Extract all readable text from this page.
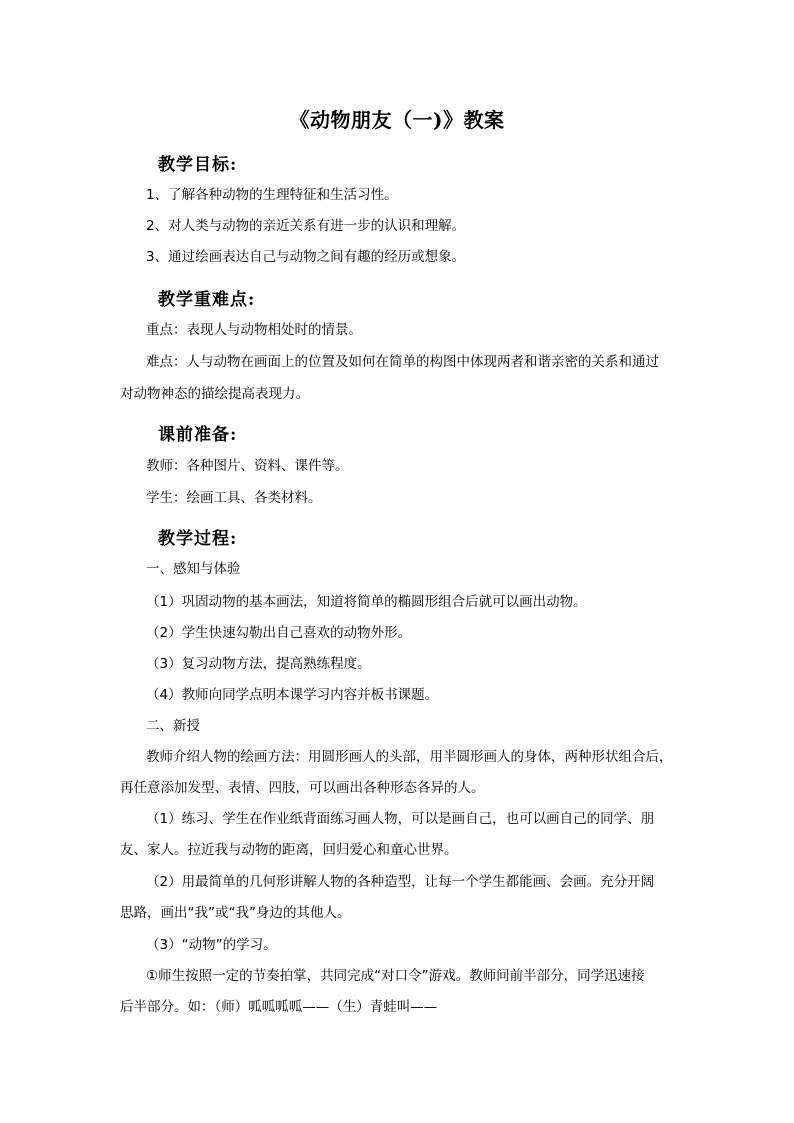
《动物朋友（一)》教案
教学目标:
1、了解各种动物的生理特征和生活习性。
2、对人类与动物的亲近关系有进一步的认识和理解。
3、通过绘画表达自己与动物之间有趣的经历或想象。
教学重难点:
重点：表现人与动物相处时的情景。
难点：人与动物在画面上的位置及如何在简单的构图中体现两者和谐亲密的关系和通过
对动物神态的描绘提高表现力。
课前准备:
教师：各种图片、资料、课件等。
学生：绘画工具、各类材料。
教学过程:
一、感知与体验
（1）巩固动物的基本画法，知道将简单的椭圆形组合后就可以画出动物。
（2）学生快速勾勒出自己喜欢的动物外形。
（3）复习动物方法，提高熟练程度。
（4）教师向同学点明本课学习内容并板书课题。
二、新授
教师介绍人物的绘画方法：用圆形画人的头部，用半圆形画人的身体，两种形状组合后，
再任意添加发型、表情、四肢，可以画出各种形态各异的人。
（1）练习、学生在作业纸背面练习画人物，可以是画自己，也可以画自己的同学、朋
友、家人。拉近我与动物的距离，回归爱心和童心世界。
（2）用最简单的几何形讲解人物的各种造型，让每一个学生都能画、会画。充分开阔
思路，画出“我”或“我”身边的其他人。
（3）“动物”的学习。
①师生按照一定的节奏拍掌，共同完成“对口令”游戏。教师问前半部分，同学迅速接
后半部分。如：（师）呱呱呱呱——（生）青蛙叫——
